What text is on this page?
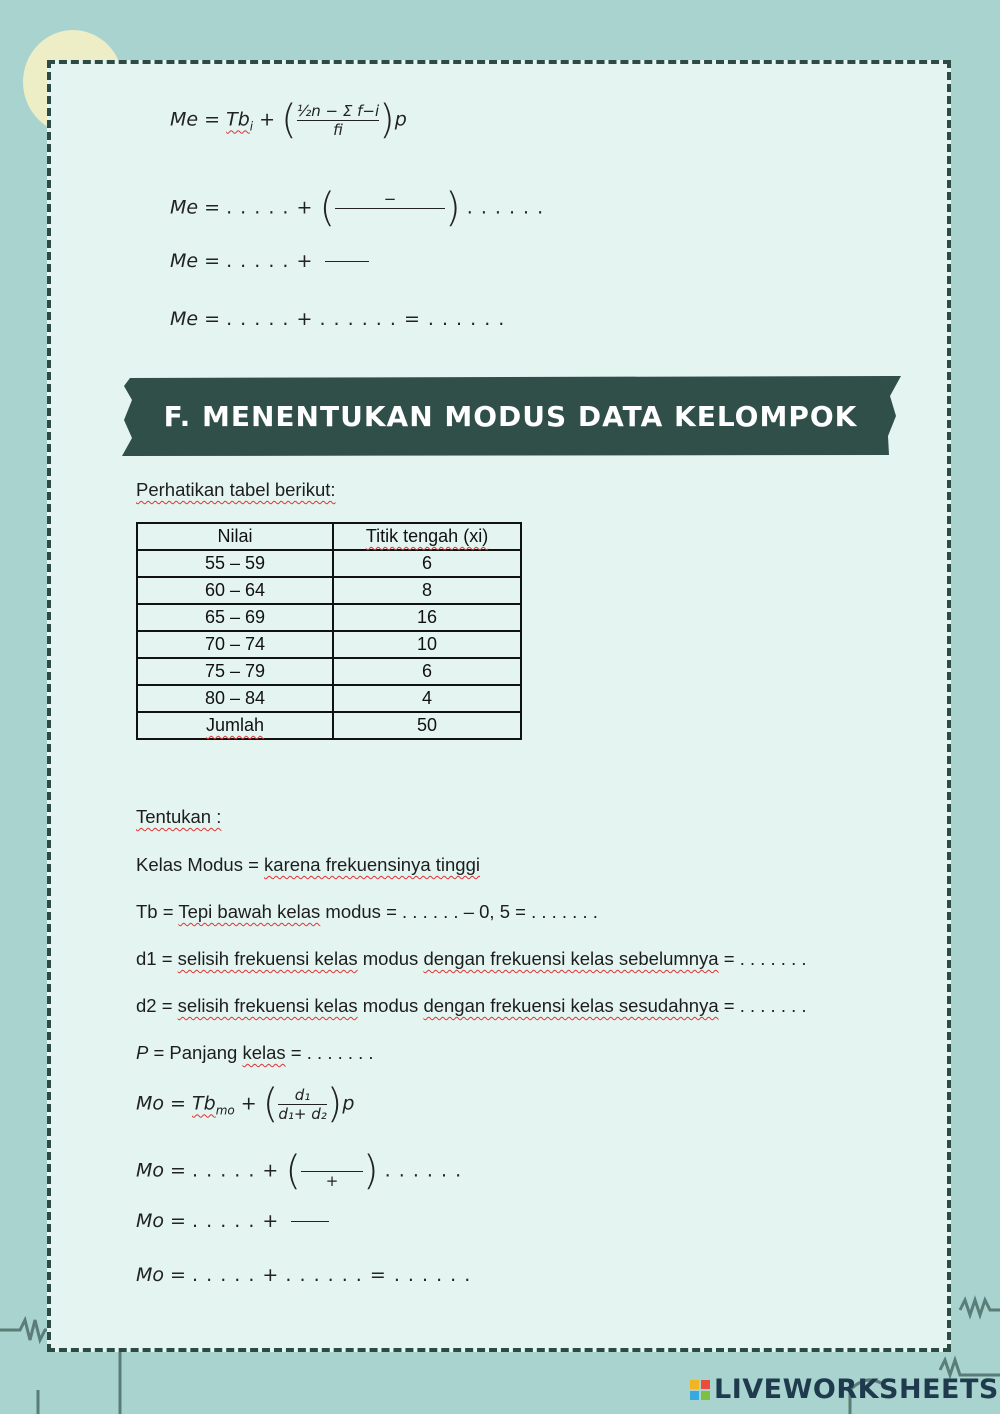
$Me = Tb_i$ + ( $\frac{\text{½n − Σ f−i}}{fi} )p$
Me = . . . . . + (	−
	) . . . . . .
Me = . . . . . +
Me = . . . . . + . . . . . . = . . . . . .
F. MENENTUKAN MODUS DATA KELOMPOK
Perhatikan tabel berikut:
Nilai	Titik tengah (xi)
55 – 59	6
60 – 64	8
65 – 69	16
70 – 74	10
75 – 79	6
80 – 84	4
Jumlah	50
Tentukan :
Kelas Modus = karena frekuensinya tinggi
Tb = Tepi bawah kelas modus = . . . . . . – 0, 5 = . . . . . . .
d1 = selisih frekuensi kelas modus dengan frekuensi kelas sebelumnya = . . . . . . .
d2 = selisih frekuensi kelas modus dengan frekuensi kelas sesudahnya = . . . . . . .
P = Panjang kelas = . . . . . . .
$Mo = Tb_{mo}$ + ( $\frac{\text{d₁}}{\text{d₁+ d₂}} )p$
Mo = . . . . . + (
	+ ) . . . . . .
Mo = . . . . . +
Mo = . . . . . + . . . . . . = . . . . . .
LIVEWORKSHEETS
